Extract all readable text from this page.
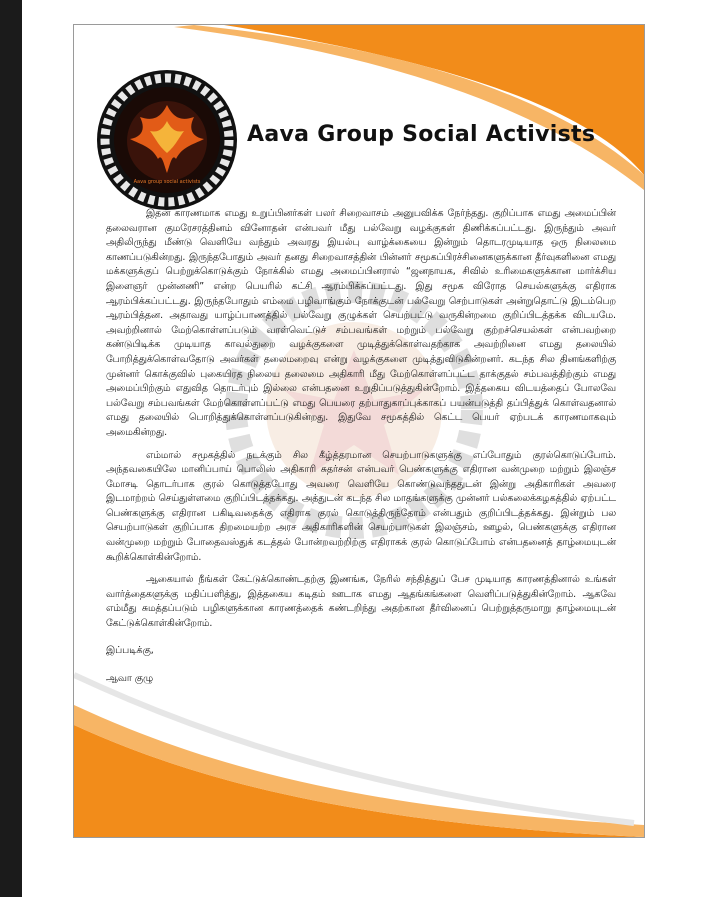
Aava group social activists
Aava Group Social Activists

இதன் காரணமாக எமது உறுப்பினர்கள் பலர் சிறைவாசம் அனுபவிக்க நேர்ந்தது. குறிப்பாக எமது அமைப்பின் தலைவரான குமரேசரத்தினம் வினோதன் என்பவர் மீது பல்வேறு வழக்குகள் திணிக்கப்பட்டது. இருந்தும் அவர் அதிலிருந்து மீண்டு வெளியே வந்தும் அவரது இயல்பு வாழ்க்கையை இன்றும் தொடரமுடியாத ஒரு நிலைமை காணப்படுகின்றது. இருந்தபோதும் அவர் தனது சிறைவாசத்தின் பின்னர் சமூகப்பிரச்சினைகளுக்கான தீர்வுகளினை எமது மக்களுக்குப் பெற்றுக்கொடுக்கும் நோக்கில் எமது அமைப்பினரால் “ஜனநாயக, சிவில் உரிமைகளுக்கான மார்க்சிய இளைஞர் முன்னணி” என்ற பெயரில் கட்சி ஆரம்பிக்கப்பட்டது. இது சமூக விரோத செயல்களுக்கு எதிராக ஆரம்பிக்கப்பட்டது. இருந்தபோதும் எம்மை பழிவாங்கும் நோக்குடன் பல்வேறு செற்பாடுகள் அன்றுதொட்டு இடம்பெற ஆரம்பித்தன. அதாவது யாழ்ப்பாணத்தில் பல்வேறு குழுக்கள் செயற்பட்டு வருகின்றமை குறிப்பிடத்தக்க விடயமே. அவற்றினால் மேற்கொள்ளப்படும் வாள்வெட்டுச் சம்பவங்கள் மற்றும் பல்வேறு குற்றச்செயல்கள் என்பவற்றை கண்டுபிடிக்க முடியாத காவல்துறை வழக்குகளை முடித்துக்கொள்வதற்காக அவற்றினை எமது தலையில் போறித்துக்கொள்வதோடு அவர்கள் தலைமறைவு என்று வழக்குகளை முடித்துவிடுகின்றனர். கடந்த சில தினங்களிற்கு முன்னர் கொக்குவில் புகையிரத நிலைய தலைமை அதிகாரி மீது மேற்கொள்ளப்பட்ட தாக்குதல் சம்பவத்திற்கும் எமது அமைப்பிற்கும் எதுவித தொடர்பும் இல்லை என்பதனை உறுதிப்படுத்துகின்றோம். இத்தகைய விடயத்தைப் போலவே பல்வேறு சம்பவங்கள் மேற்கொள்ளப்பட்டு எமது பெயரை தற்பாதுகாப்புக்காகப் பயன்படுத்தி தப்பித்துக் கொள்வதனால் எமது தலையில் பொறித்துக்கொள்ளப்படுகின்றது. இதுவே சமூகத்தில் கெட்ட பெயர் ஏற்படக் காரணமாகவும் அமைகின்றது.

எம்மால் சமூகத்தில் நடக்கும் சில கீழ்த்தரமான செயற்பாடுகளுக்கு எப்போதும் குரல்கொடுப்போம். அந்தவகையிலே மானிப்பாய் பொலிஸ் அதிகாரி சுதர்சன் என்பவர் பெண்களுக்கு எதிரான வன்முறை மற்றும் இலஞ்ச மோசடி தொடர்பாக குரல் கொடுத்தபோது அவரை வெளியே கொண்டுவந்ததுடன் இன்று அதிகாரிகள் அவரை இடமாற்றம் செய்துள்ளமை குறிப்பிடத்தக்கது. அத்துடன் கடந்த சில மாதங்களுக்கு முன்னர் பல்கலைக்கழகத்தில் ஏற்பட்ட பெண்களுக்கு எதிரான பகிடிவதைக்கு எதிராக குரல் கொடுத்திருந்தோம் என்பதும் குறிப்பிடத்தக்கது. இன்றும் பல செயற்பாடுகள் குறிப்பாக திறமையற்ற அரச அதிகாரிகளின் செயற்பாடுகள் இலஞ்சம், ஊழல், பெண்களுக்கு எதிரான வன்முறை மற்றும் போதைவஸ்துக் கடத்தல் போன்றவற்றிற்கு எதிராகக் குரல் கொடுப்போம் என்பதனைத் தாழ்மையுடன் கூறிக்கொள்கின்றோம்.

ஆகையால் நீங்கள் கேட்டுக்கொண்டதற்கு இணங்க, நேரில் சந்தித்துப் பேச முடியாத காரணத்தினால் உங்கள் வார்த்தைகளுக்கு மதிப்பளித்து, இத்தகைய கடிதம் ஊடாக எமது ஆதங்கங்களை வெளிப்படுத்துகின்றோம். ஆகவே எம்மீது சுமத்தப்படும் பழிகளுக்கான காரணத்தைக் கண்டறிந்து அதற்கான தீர்வினைப் பெற்றுத்தருமாறு தாழ்மையுடன் கேட்டுக்கொள்கின்றோம்.

இப்படிக்கு,
ஆவா குழு
